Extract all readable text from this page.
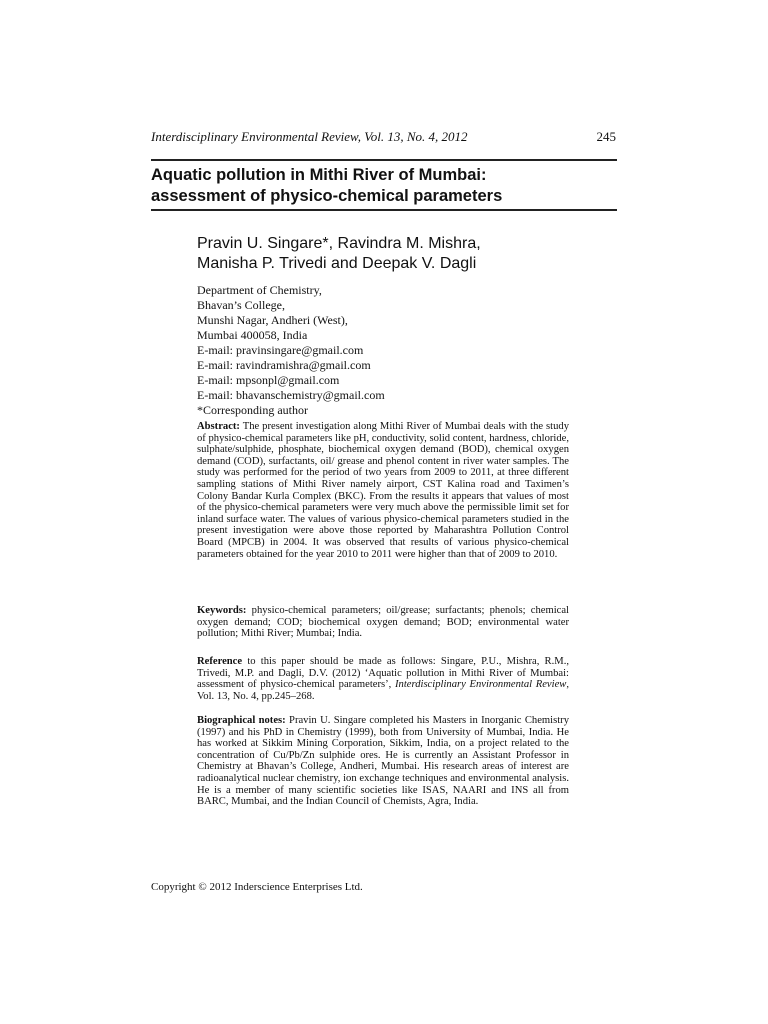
Interdisciplinary Environmental Review, Vol. 13, No. 4, 2012	245
Aquatic pollution in Mithi River of Mumbai:
assessment of physico-chemical parameters
Pravin U. Singare*, Ravindra M. Mishra,
Manisha P. Trivedi and Deepak V. Dagli
Department of Chemistry,
Bhavan’s College,
Munshi Nagar, Andheri (West),
Mumbai 400058, India
E-mail: pravinsingare@gmail.com
E-mail: ravindramishra@gmail.com
E-mail: mpsonpl@gmail.com
E-mail: bhavanschemistry@gmail.com
*Corresponding author
Abstract: The present investigation along Mithi River of Mumbai deals with the study of physico-chemical parameters like pH, conductivity, solid content, hardness, chloride, sulphate/sulphide, phosphate, biochemical oxygen demand (BOD), chemical oxygen demand (COD), surfactants, oil/ grease and phenol content in river water samples. The study was performed for the period of two years from 2009 to 2011, at three different sampling stations of Mithi River namely airport, CST Kalina road and Taximen’s Colony Bandar Kurla Complex (BKC). From the results it appears that values of most of the physico-chemical parameters were very much above the permissible limit set for inland surface water. The values of various physico-chemical parameters studied in the present investigation were above those reported by Maharashtra Pollution Control Board (MPCB) in 2004. It was observed that results of various physico-chemical parameters obtained for the year 2010 to 2011 were higher than that of 2009 to 2010.
Keywords: physico-chemical parameters; oil/grease; surfactants; phenols; chemical oxygen demand; COD; biochemical oxygen demand; BOD; environmental water pollution; Mithi River; Mumbai; India.
Reference to this paper should be made as follows: Singare, P.U., Mishra, R.M., Trivedi, M.P. and Dagli, D.V. (2012) ‘Aquatic pollution in Mithi River of Mumbai: assessment of physico-chemical parameters’, Interdisciplinary Environmental Review, Vol. 13, No. 4, pp.245–268.
Biographical notes: Pravin U. Singare completed his Masters in Inorganic Chemistry (1997) and his PhD in Chemistry (1999), both from University of Mumbai, India. He has worked at Sikkim Mining Corporation, Sikkim, India, on a project related to the concentration of Cu/Pb/Zn sulphide ores. He is currently an Assistant Professor in Chemistry at Bhavan’s College, Andheri, Mumbai. His research areas of interest are radioanalytical nuclear chemistry, ion exchange techniques and environmental analysis. He is a member of many scientific societies like ISAS, NAARI and INS all from BARC, Mumbai, and the Indian Council of Chemists, Agra, India.
Copyright © 2012 Inderscience Enterprises Ltd.
